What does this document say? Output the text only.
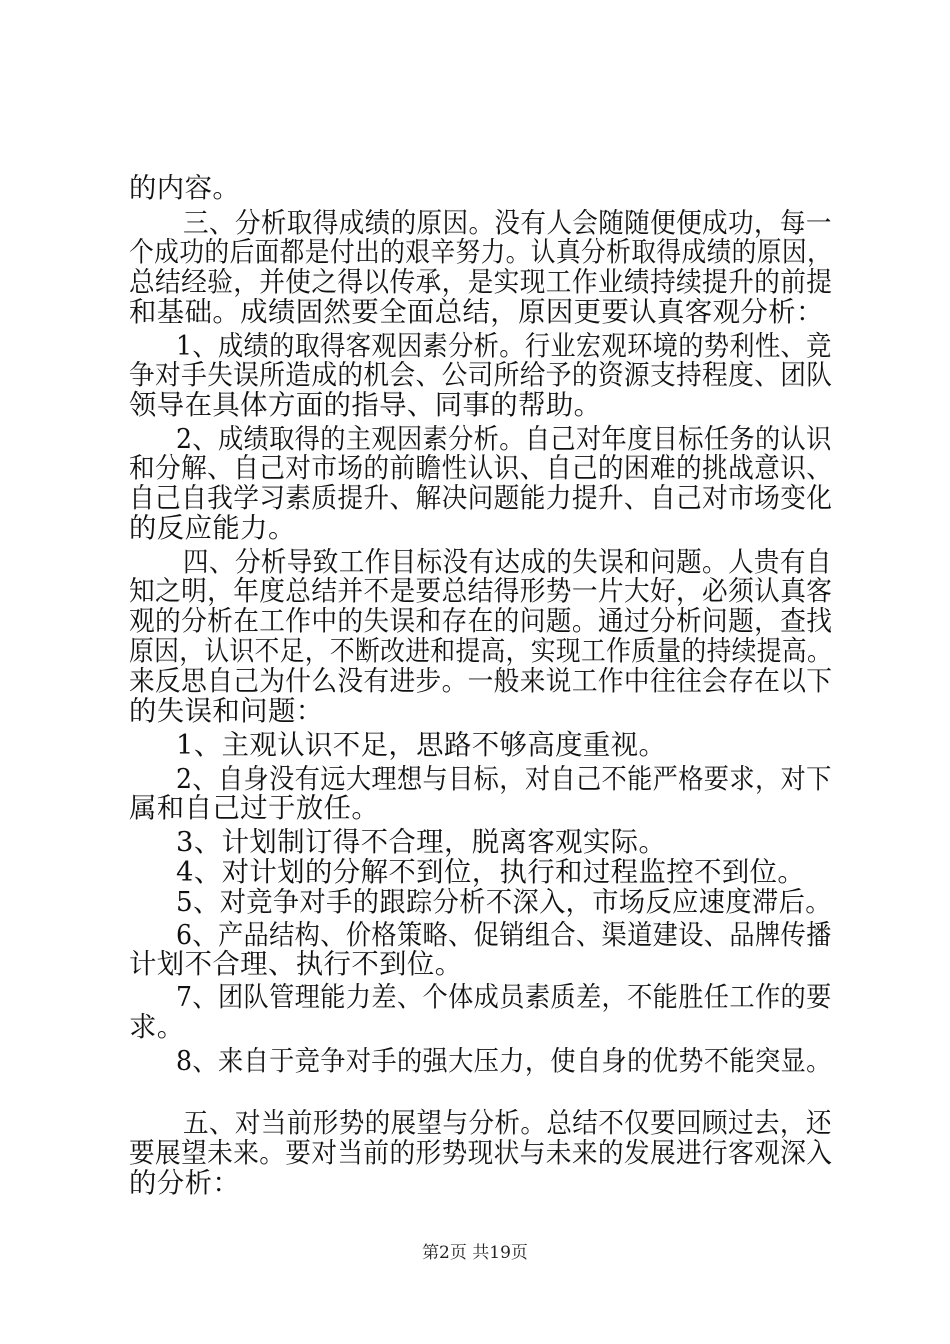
的内容。
三、分析取得成绩的原因。没有人会随随便便成功，每一
个成功的后面都是付出的艰辛努力。认真分析取得成绩的原因，
总结经验，并使之得以传承，是实现工作业绩持续提升的前提
和基础。成绩固然要全面总结，原因更要认真客观分析：
1、成绩的取得客观因素分析。行业宏观环境的势利性、竞
争对手失误所造成的机会、公司所给予的资源支持程度、团队
领导在具体方面的指导、同事的帮助。
2、成绩取得的主观因素分析。自己对年度目标任务的认识
和分解、自己对市场的前瞻性认识、自己的困难的挑战意识、
自己自我学习素质提升、解决问题能力提升、自己对市场变化
的反应能力。
四、分析导致工作目标没有达成的失误和问题。人贵有自
知之明，年度总结并不是要总结得形势一片大好，必须认真客
观的分析在工作中的失误和存在的问题。通过分析问题，查找
原因，认识不足，不断改进和提高，实现工作质量的持续提高。
来反思自己为什么没有进步。一般来说工作中往往会存在以下
的失误和问题：
1、主观认识不足，思路不够高度重视。
2、自身没有远大理想与目标，对自己不能严格要求，对下
属和自己过于放任。
3、计划制订得不合理，脱离客观实际。
4、对计划的分解不到位，执行和过程监控不到位。
5、对竞争对手的跟踪分析不深入，市场反应速度滞后。
6、产品结构、价格策略、促销组合、渠道建设、品牌传播
计划不合理、执行不到位。
7、团队管理能力差、个体成员素质差，不能胜任工作的要
求。
8、来自于竞争对手的强大压力，使自身的优势不能突显。
五、对当前形势的展望与分析。总结不仅要回顾过去，还
要展望未来。要对当前的形势现状与未来的发展进行客观深入
的分析：
第2页 共19页
